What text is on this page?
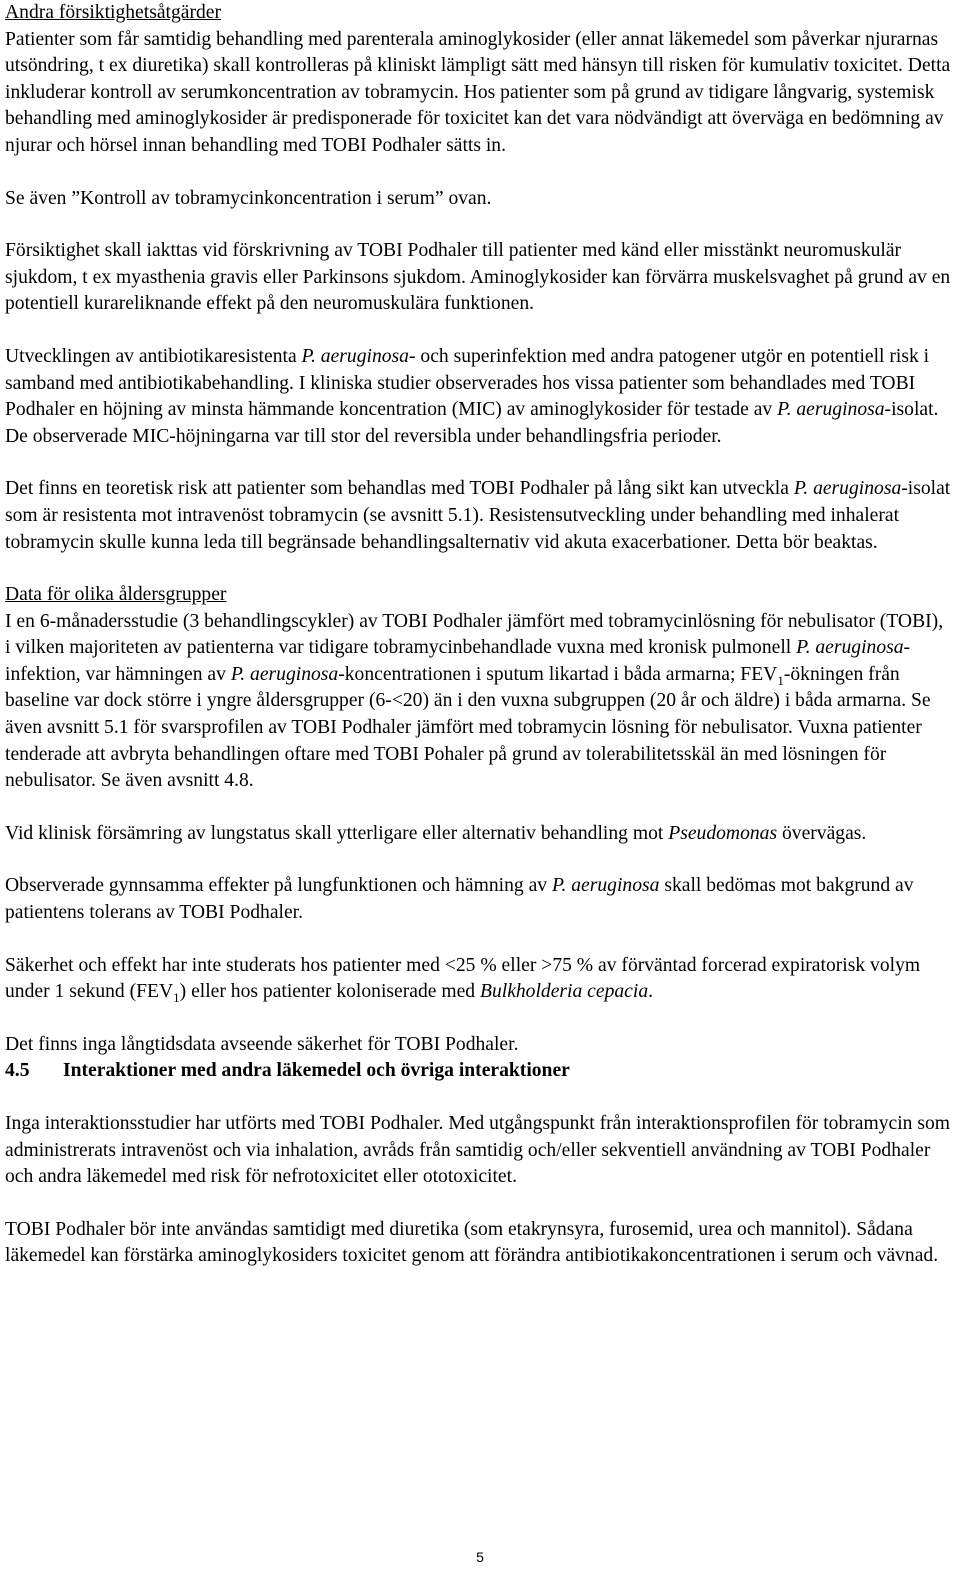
Andra försiktighetsåtgärder

Patienter som får samtidig behandling med parenterala aminoglykosider (eller annat läkemedel som påverkar njurarnas utsöndring, t ex diuretika) skall kontrolleras på kliniskt lämpligt sätt med hänsyn till risken för kumulativ toxicitet. Detta inkluderar kontroll av serumkoncentration av tobramycin. Hos patienter som på grund av tidigare långvarig, systemisk behandling med aminoglykosider är predisponerade för toxicitet kan det vara nödvändigt att överväga en bedömning av njurar och hörsel innan behandling med TOBI Podhaler sätts in.

Se även ”Kontroll av tobramycinkoncentration i serum” ovan.

Försiktighet skall iakttas vid förskrivning av TOBI Podhaler till patienter med känd eller misstänkt neuromuskulär sjukdom, t ex myasthenia gravis eller Parkinsons sjukdom. Aminoglykosider kan förvärra muskelsvaghet på grund av en potentiell kurareliknande effekt på den neuromuskulära funktionen.

Utvecklingen av antibiotikaresistenta P. aeruginosa- och superinfektion med andra patogener utgör en potentiell risk i samband med antibiotikabehandling. I kliniska studier observerades hos vissa patienter som behandlades med TOBI Podhaler en höjning av minsta hämmande koncentration (MIC) av aminoglykosider för testade av P. aeruginosa-isolat. De observerade MIC-höjningarna var till stor del reversibla under behandlingsfria perioder.

Det finns en teoretisk risk att patienter som behandlas med TOBI Podhaler på lång sikt kan utveckla P. aeruginosa-isolat som är resistenta mot intravenöst tobramycin (se avsnitt 5.1). Resistensutveckling under behandling med inhalerat tobramycin skulle kunna leda till begränsade behandlingsalternativ vid akuta exacerbationer. Detta bör beaktas.

Data för olika åldersgrupper

I en 6-månadersstudie (3 behandlingscykler) av TOBI Podhaler jämfört med tobramycinlösning för nebulisator (TOBI), i vilken majoriteten av patienterna var tidigare tobramycinbehandlade vuxna med kronisk pulmonell P. aeruginosa-infektion, var hämningen av P. aeruginosa-koncentrationen i sputum likartad i båda armarna; $FEV_1$-ökningen från baseline var dock större i yngre åldersgrupper (6-<20) än i den vuxna subgruppen (20 år och äldre) i båda armarna. Se även avsnitt 5.1 för svarsprofilen av TOBI Podhaler jämfört med tobramycin lösning för nebulisator. Vuxna patienter tenderade att avbryta behandlingen oftare med TOBI Pohaler på grund av tolerabilitetsskäl än med lösningen för nebulisator. Se även avsnitt 4.8.

Vid klinisk försämring av lungstatus skall ytterligare eller alternativ behandling mot Pseudomonas övervägas.

Observerade gynnsamma effekter på lungfunktionen och hämning av P. aeruginosa skall bedömas mot bakgrund av patientens tolerans av TOBI Podhaler.

Säkerhet och effekt har inte studerats hos patienter med <25 % eller >75 % av förväntad forcerad expiratorisk volym under 1 sekund $(FEV_1)$ eller hos patienter koloniserade med Bulkholderia cepacia.

Det finns inga långtidsdata avseende säkerhet för TOBI Podhaler.

4.5 Interaktioner med andra läkemedel och övriga interaktioner

Inga interaktionsstudier har utförts med TOBI Podhaler. Med utgångspunkt från interaktionsprofilen för tobramycin som administrerats intravenöst och via inhalation, avråds från samtidig och/eller sekventiell användning av TOBI Podhaler och andra läkemedel med risk för nefrotoxicitet eller ototoxicitet.

TOBI Podhaler bör inte användas samtidigt med diuretika (som etakrynsyra, furosemid, urea och mannitol). Sådana läkemedel kan förstärka aminoglykosiders toxicitet genom att förändra antibiotikakoncentrationen i serum och vävnad.

5
